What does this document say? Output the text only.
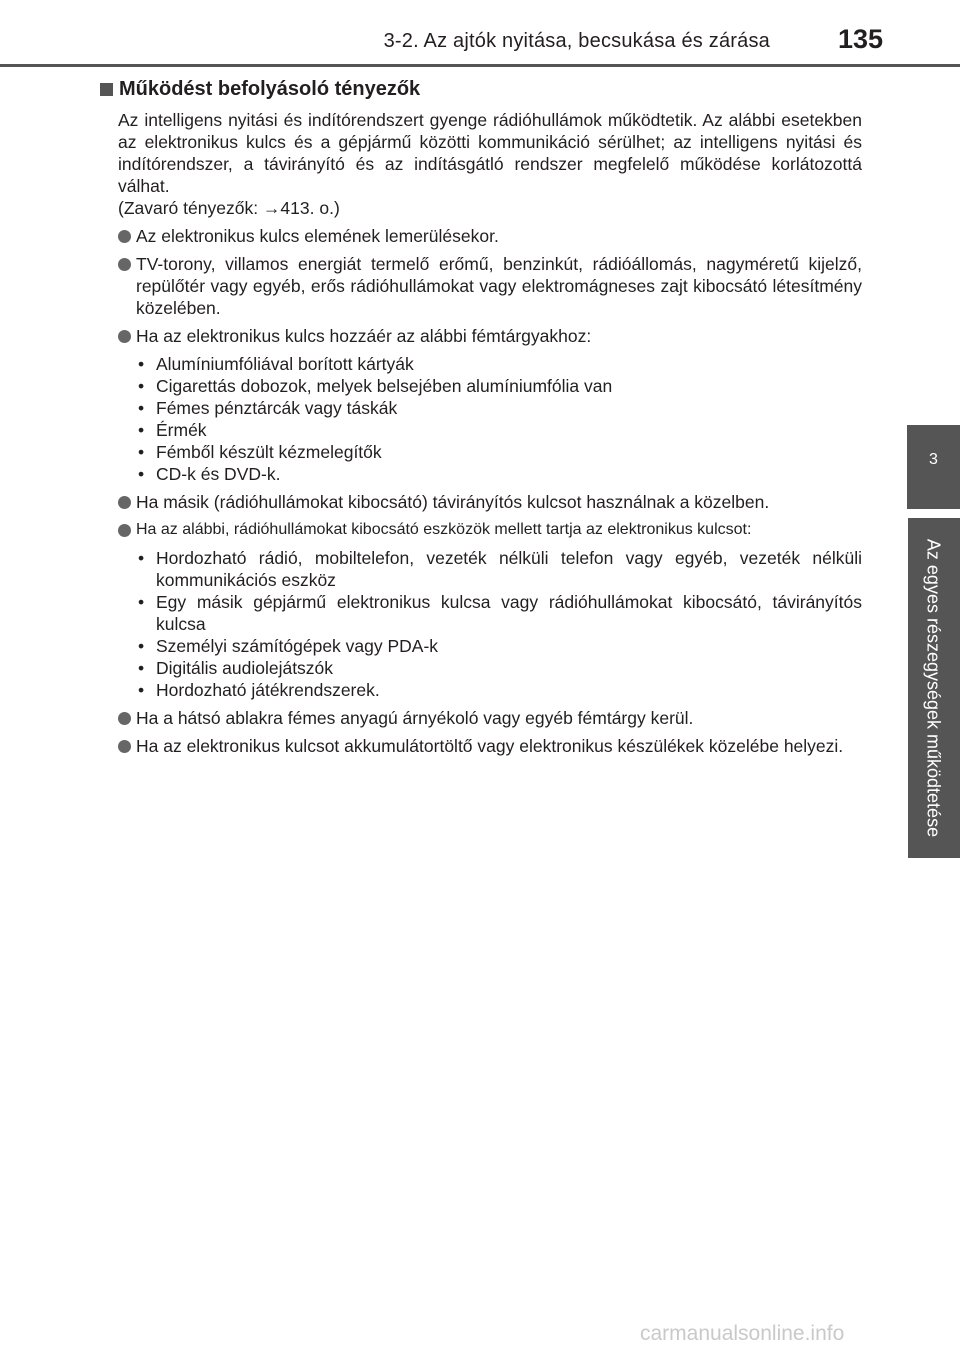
3-2. Az ajtók nyitása, becsukása és zárása	135
3
Az egyes részegységek működtetése
Működést befolyásoló tényezők
Az intelligens nyitási és indítórendszert gyenge rádióhullámok működtetik. Az alábbi esetekben az elektronikus kulcs és a gépjármű közötti kommunikáció sérülhet; az intelligens nyitási és indítórendszer, a távirányító és az indításgátló rendszer megfelelő működése korlátozottá válhat.
(Zavaró tényezők: →413. o.)
Az elektronikus kulcs elemének lemerülésekor.
TV-torony, villamos energiát termelő erőmű, benzinkút, rádióállomás, nagyméretű kijelző, repülőtér vagy egyéb, erős rádióhullámokat vagy elektromágneses zajt kibocsátó létesítmény közelében.
Ha az elektronikus kulcs hozzáér az alábbi fémtárgyakhoz:
• Alumíniumfóliával borított kártyák
• Cigarettás dobozok, melyek belsejében alumíniumfólia van
• Fémes pénztárcák vagy táskák
• Érmék
• Fémből készült kézmelegítők
• CD-k és DVD-k.
Ha másik (rádióhullámokat kibocsátó) távirányítós kulcsot használnak a közelben.
Ha az alábbi, rádióhullámokat kibocsátó eszközök mellett tartja az elektronikus kulcsot:
• Hordozható rádió, mobiltelefon, vezeték nélküli telefon vagy egyéb, vezeték nélküli kommunikációs eszköz
• Egy másik gépjármű elektronikus kulcsa vagy rádióhullámokat kibocsátó, távirányítós kulcsa
• Személyi számítógépek vagy PDA-k
• Digitális audiolejátszók
• Hordozható játékrendszerek.
Ha a hátsó ablakra fémes anyagú árnyékoló vagy egyéb fémtárgy kerül.
Ha az elektronikus kulcsot akkumulátortöltő vagy elektronikus készülékek közelébe helyezi.
carmanualsonline.info
